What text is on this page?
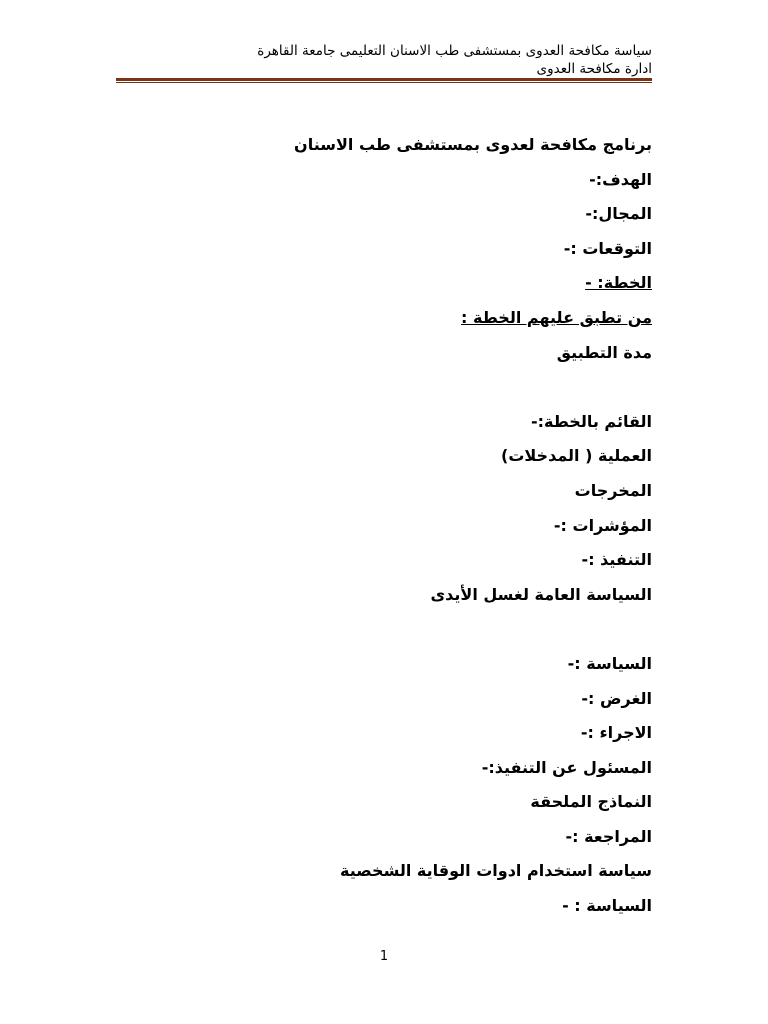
سياسة مكافحة العدوى بمستشفى طب الاسنان التعليمى جامعة القاهرة
ادارة مكافحة العدوى
برنامج مكافحة لعدوى بمستشفى طب الاسنان
الهدف:-
المجال:-
التوقعات :-
الخطة: -
من تطبق عليهم الخطة :
مدة التطبيق
القائم بالخطة:-
العملية ( المدخلات)
المخرجات
المؤشرات :-
التنفيذ :-
السياسة العامة لغسل الأيدى
السياسة :-
الغرض :-
الاجراء :-
المسئول عن التنفيذ:-
النماذج الملحقة
المراجعة :-
سياسة استخدام ادوات الوقاية الشخصية
السياسة : -
1
